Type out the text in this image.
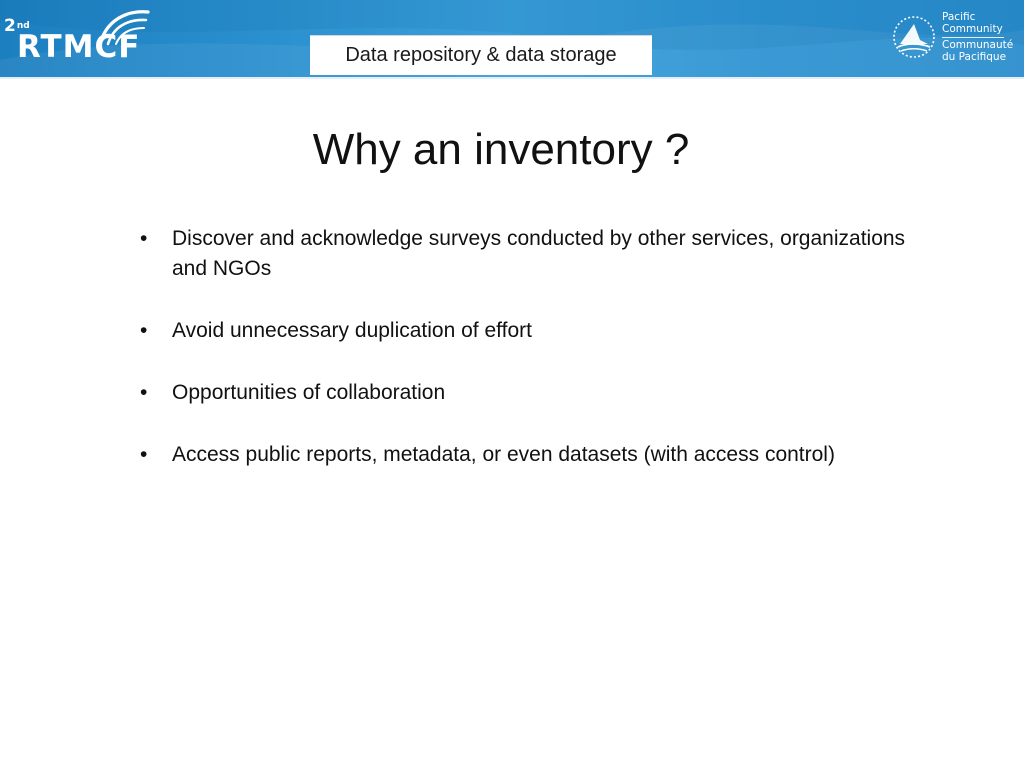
2nd
RTMCF	Data repository & data storage
Pacific
Community
Communauté
du Pacifique
Why an inventory ?
•	Discover and acknowledge surveys conducted by other services, organizations and NGOs
•	Avoid unnecessary duplication of effort
•	Opportunities of collaboration
•	Access public reports, metadata, or even datasets (with access control)
